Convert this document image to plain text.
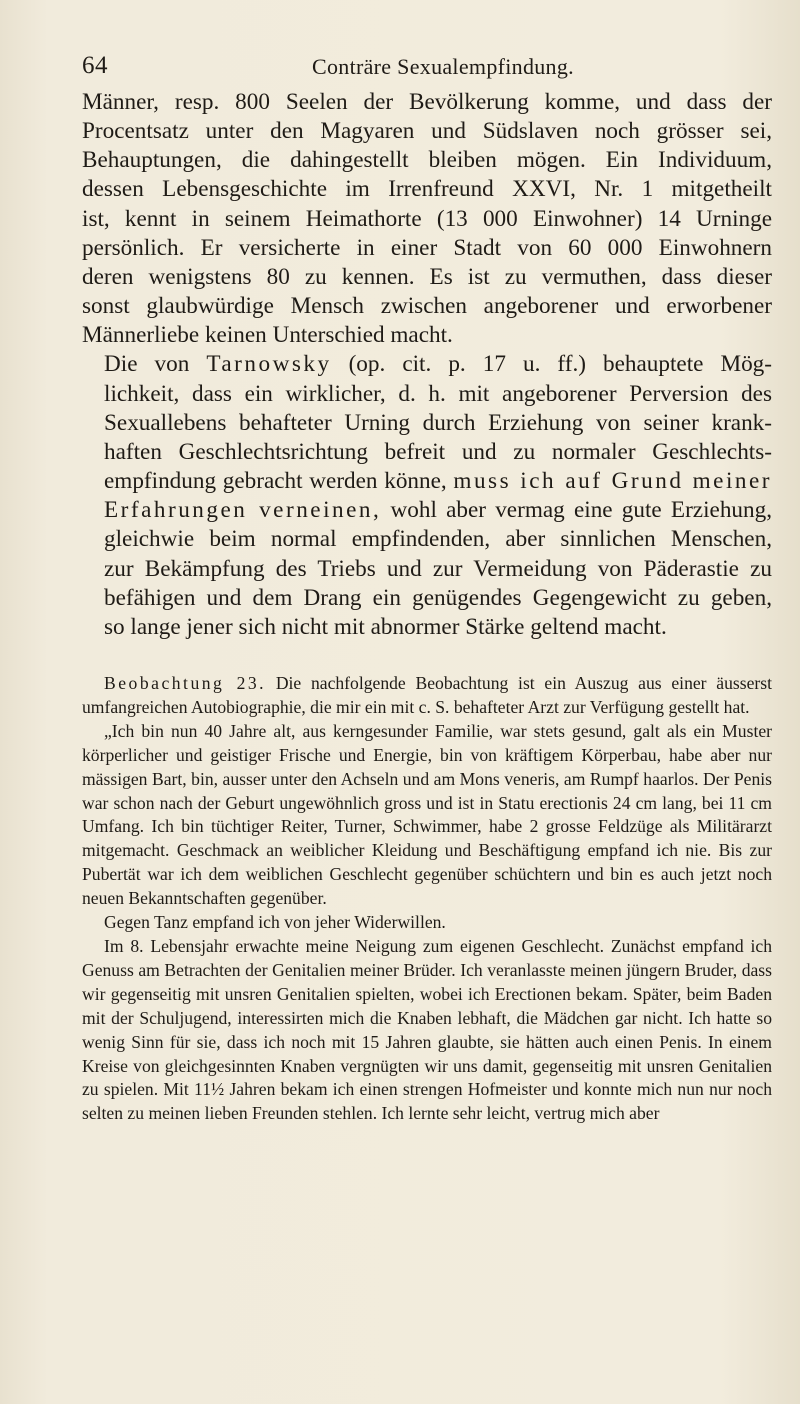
64	Conträre Sexualempfindung.

Männer, resp. 800 Seelen der Bevölkerung komme, und dass der
Procentsatz unter den Magyaren und Südslaven noch grösser sei,
Behauptungen, die dahingestellt bleiben mögen. Ein Individuum,
dessen Lebensgeschichte im Irrenfreund XXVI, Nr. 1 mitgetheilt
ist, kennt in seinem Heimathorte (13 000 Einwohner) 14 Urninge
persönlich. Er versicherte in einer Stadt von 60 000 Einwohnern
deren wenigstens 80 zu kennen. Es ist zu vermuthen, dass dieser
sonst glaubwürdige Mensch zwischen angeborener und erworbener
Männerliebe keinen Unterschied macht.

Die von Tarnowsky (op. cit. p. 17 u. ff.) behauptete Mög-
lichkeit, dass ein wirklicher, d. h. mit angeborener Perversion des
Sexuallebens behafteter Urning durch Erziehung von seiner krank-
haften Geschlechtsrichtung befreit und zu normaler Geschlechts-
empfindung gebracht werden könne, muss ich auf Grund meiner
Erfahrungen verneinen, wohl aber vermag eine gute Erziehung,
gleichwie beim normal empfindenden, aber sinnlichen Menschen,
zur Bekämpfung des Triebs und zur Vermeidung von Päderastie zu
befähigen und dem Drang ein genügendes Gegengewicht zu geben,
so lange jener sich nicht mit abnormer Stärke geltend macht.

Beobachtung 23. Die nachfolgende Beobachtung ist ein Auszug aus einer äusserst umfangreichen Autobiographie, die mir ein mit c. S. behafteter Arzt zur Verfügung gestellt hat.

„Ich bin nun 40 Jahre alt, aus kerngesunder Familie, war stets gesund, galt als ein Muster körperlicher und geistiger Frische und Energie, bin von kräftigem Körperbau, habe aber nur mässigen Bart, bin, ausser unter den Achseln und am Mons veneris, am Rumpf haarlos. Der Penis war schon nach der Geburt ungewöhnlich gross und ist in Statu erectionis 24 cm lang, bei 11 cm Umfang. Ich bin tüchtiger Reiter, Turner, Schwimmer, habe 2 grosse Feldzüge als Militärarzt mitgemacht. Geschmack an weiblicher Kleidung und Beschäftigung empfand ich nie. Bis zur Pubertät war ich dem weiblichen Geschlecht gegenüber schüchtern und bin es auch jetzt noch neuen Bekanntschaften gegenüber.

Gegen Tanz empfand ich von jeher Widerwillen.

Im 8. Lebensjahr erwachte meine Neigung zum eigenen Geschlecht. Zunächst empfand ich Genuss am Betrachten der Genitalien meiner Brüder. Ich veranlasste meinen jüngern Bruder, dass wir gegenseitig mit unsren Genitalien spielten, wobei ich Erectionen bekam. Später, beim Baden mit der Schuljugend, interessirten mich die Knaben lebhaft, die Mädchen gar nicht. Ich hatte so wenig Sinn für sie, dass ich noch mit 15 Jahren glaubte, sie hätten auch einen Penis. In einem Kreise von gleichgesinnten Knaben vergnügten wir uns damit, gegenseitig mit unsren Genitalien zu spielen. Mit 11½ Jahren bekam ich einen strengen Hofmeister und konnte mich nun nur noch selten zu meinen lieben Freunden stehlen. Ich lernte sehr leicht, vertrug mich aber
